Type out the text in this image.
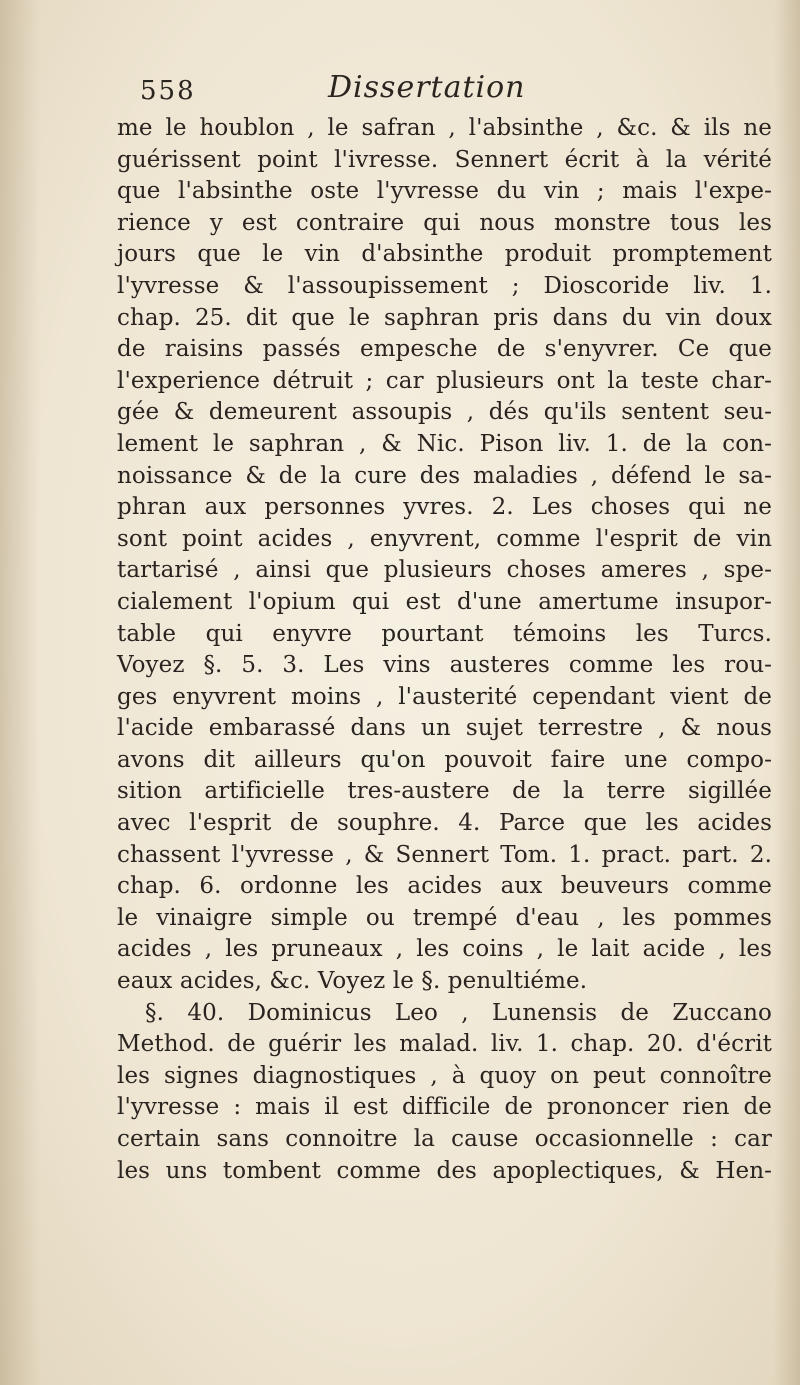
558	Dissertation
me le houblon , le safran , l'absinthe , &c. & ils ne
guérissent point l'ivresse. Sennert écrit à la vérité
que l'absinthe oste l'yvresse du vin ; mais l'expe-
rience y est contraire qui nous monstre tous les
jours que le vin d'absinthe produit promptement
l'yvresse & l'assoupissement ; Dioscoride liv. 1.
chap. 25. dit que le saphran pris dans du vin doux
de raisins passés empesche de s'enyvrer. Ce que
l'experience détruit ; car plusieurs ont la teste char-
gée & demeurent assoupis , dés qu'ils sentent seu-
lement le saphran , & Nic. Pison liv. 1. de la con-
noissance & de la cure des maladies , défend le sa-
phran aux personnes yvres. 2. Les choses qui ne
sont point acides , enyvrent, comme l'esprit de vin
tartarisé , ainsi que plusieurs choses ameres , spe-
cialement l'opium qui est d'une amertume insupor-
table qui enyvre pourtant témoins les Turcs.
Voyez §. 5. 3. Les vins austeres comme les rou-
ges enyvrent moins , l'austerité cependant vient de
l'acide embarassé dans un sujet terrestre , & nous
avons dit ailleurs qu'on pouvoit faire une compo-
sition artificielle tres-austere de la terre sigillée
avec l'esprit de souphre. 4. Parce que les acides
chassent l'yvresse , & Sennert Tom. 1. pract. part. 2.
chap. 6. ordonne les acides aux beuveurs comme
le vinaigre simple ou trempé d'eau , les pommes
acides , les pruneaux , les coins , le lait acide , les
eaux acides, &c. Voyez le §. penultiéme.
§. 40. Dominicus Leo , Lunensis de Zuccano
Method. de guérir les malad. liv. 1. chap. 20. d'écrit
les signes diagnostiques , à quoy on peut connoître
l'yvresse : mais il est difficile de prononcer rien de
certain sans connoitre la cause occasionnelle : car
les uns tombent comme des apoplectiques, & Hen-
